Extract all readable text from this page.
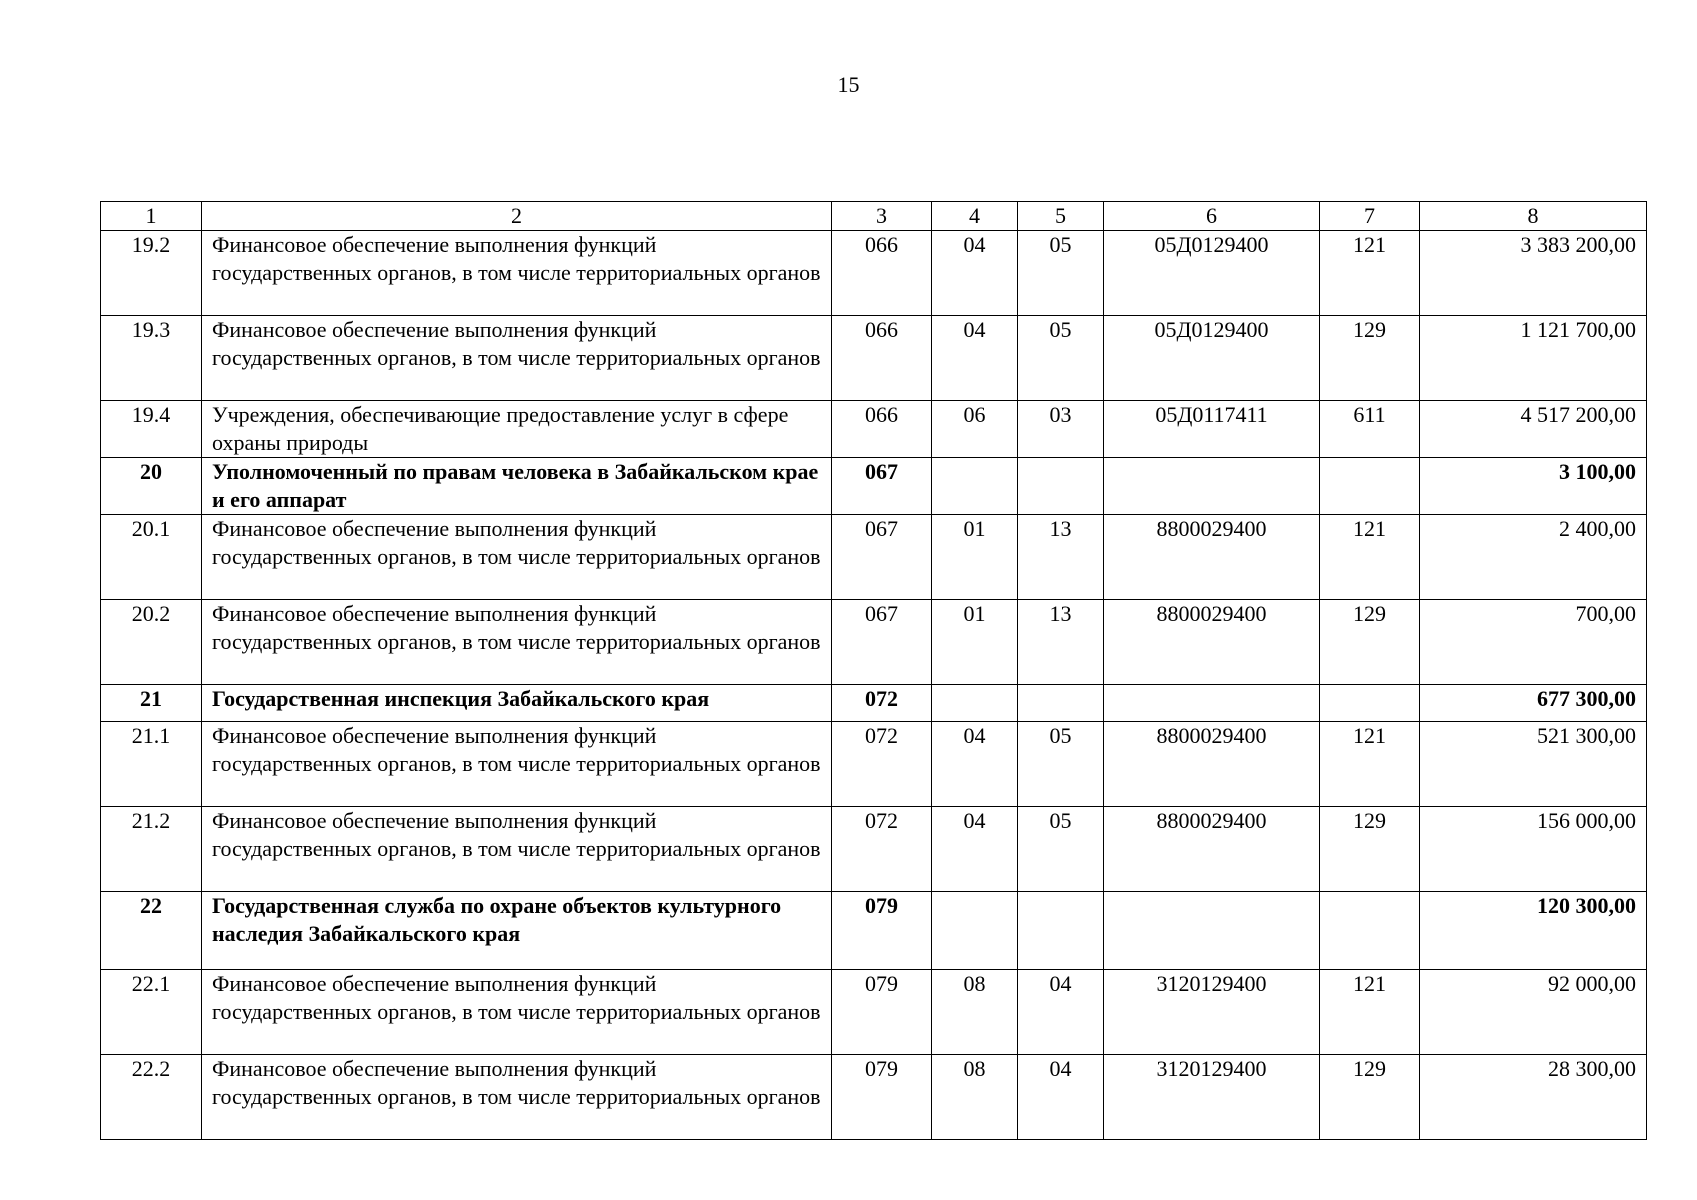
15
1	2	3	4	5	6	7	8
19.2	Финансовое обеспечение выполнения функций государственных органов, в том числе территориальных органов	066	04	05	05Д0129400	121	3 383 200,00
19.3	Финансовое обеспечение выполнения функций государственных органов, в том числе территориальных органов	066	04	05	05Д0129400	129	1 121 700,00
19.4	Учреждения, обеспечивающие предоставление услуг в сфере охраны природы	066	06	03	05Д0117411	611	4 517 200,00
20	Уполномоченный по правам человека в Забайкальском крае и его аппарат	067					3 100,00
20.1	Финансовое обеспечение выполнения функций государственных органов, в том числе территориальных органов	067	01	13	8800029400	121	2 400,00
20.2	Финансовое обеспечение выполнения функций государственных органов, в том числе территориальных органов	067	01	13	8800029400	129	700,00
21	Государственная инспекция Забайкальского края	072					677 300,00
21.1	Финансовое обеспечение выполнения функций государственных органов, в том числе территориальных органов	072	04	05	8800029400	121	521 300,00
21.2	Финансовое обеспечение выполнения функций государственных органов, в том числе территориальных органов	072	04	05	8800029400	129	156 000,00
22	Государственная служба по охране объектов культурного наследия Забайкальского края	079					120 300,00
22.1	Финансовое обеспечение выполнения функций государственных органов, в том числе территориальных органов	079	08	04	3120129400	121	92 000,00
22.2	Финансовое обеспечение выполнения функций государственных органов, в том числе территориальных органов	079	08	04	3120129400	129	28 300,00
